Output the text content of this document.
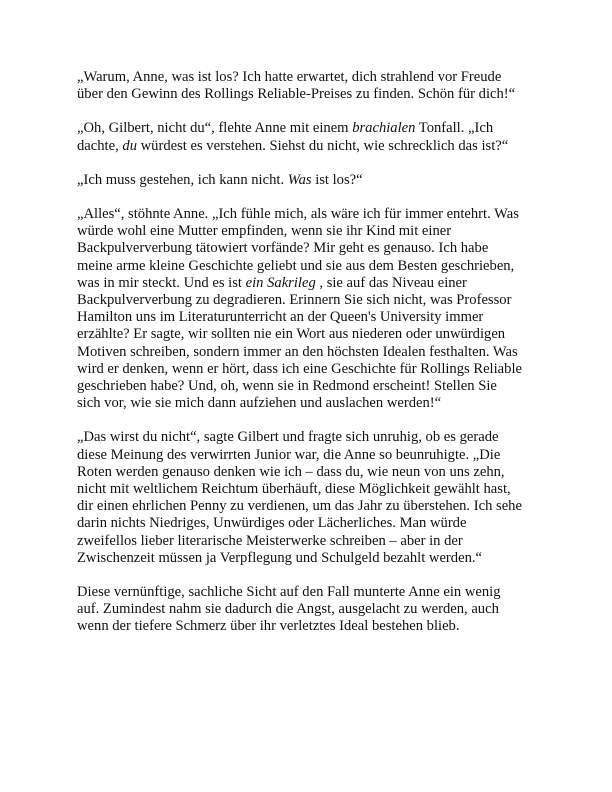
„Warum, Anne, was ist los? Ich hatte erwartet, dich strahlend vor Freude
über den Gewinn des Rollings Reliable-Preises zu finden. Schön für dich!“

„Oh, Gilbert, nicht du“, flehte Anne mit einem brachialen Tonfall. „Ich
dachte, du würdest es verstehen. Siehst du nicht, wie schrecklich das ist?“

„Ich muss gestehen, ich kann nicht. Was ist los?“

„Alles“, stöhnte Anne. „Ich fühle mich, als wäre ich für immer entehrt. Was
würde wohl eine Mutter empfinden, wenn sie ihr Kind mit einer
Backpulververbung tätowiert vorfände? Mir geht es genauso. Ich habe
meine arme kleine Geschichte geliebt und sie aus dem Besten geschrieben,
was in mir steckt. Und es ist ein Sakrileg , sie auf das Niveau einer
Backpulververbung zu degradieren. Erinnern Sie sich nicht, was Professor
Hamilton uns im Literaturunterricht an der Queen's University immer
erzählte? Er sagte, wir sollten nie ein Wort aus niederen oder unwürdigen
Motiven schreiben, sondern immer an den höchsten Idealen festhalten. Was
wird er denken, wenn er hört, dass ich eine Geschichte für Rollings Reliable
geschrieben habe? Und, oh, wenn sie in Redmond erscheint! Stellen Sie
sich vor, wie sie mich dann aufziehen und auslachen werden!“

„Das wirst du nicht“, sagte Gilbert und fragte sich unruhig, ob es gerade
diese Meinung des verwirrten Junior war, die Anne so beunruhigte. „Die
Roten werden genauso denken wie ich – dass du, wie neun von uns zehn,
nicht mit weltlichem Reichtum überhäuft, diese Möglichkeit gewählt hast,
dir einen ehrlichen Penny zu verdienen, um das Jahr zu überstehen. Ich sehe
darin nichts Niedriges, Unwürdiges oder Lächerliches. Man würde
zweifellos lieber literarische Meisterwerke schreiben – aber in der
Zwischenzeit müssen ja Verpflegung und Schulgeld bezahlt werden.“

Diese vernünftige, sachliche Sicht auf den Fall munterte Anne ein wenig
auf. Zumindest nahm sie dadurch die Angst, ausgelacht zu werden, auch
wenn der tiefere Schmerz über ihr verletztes Ideal bestehen blieb.
